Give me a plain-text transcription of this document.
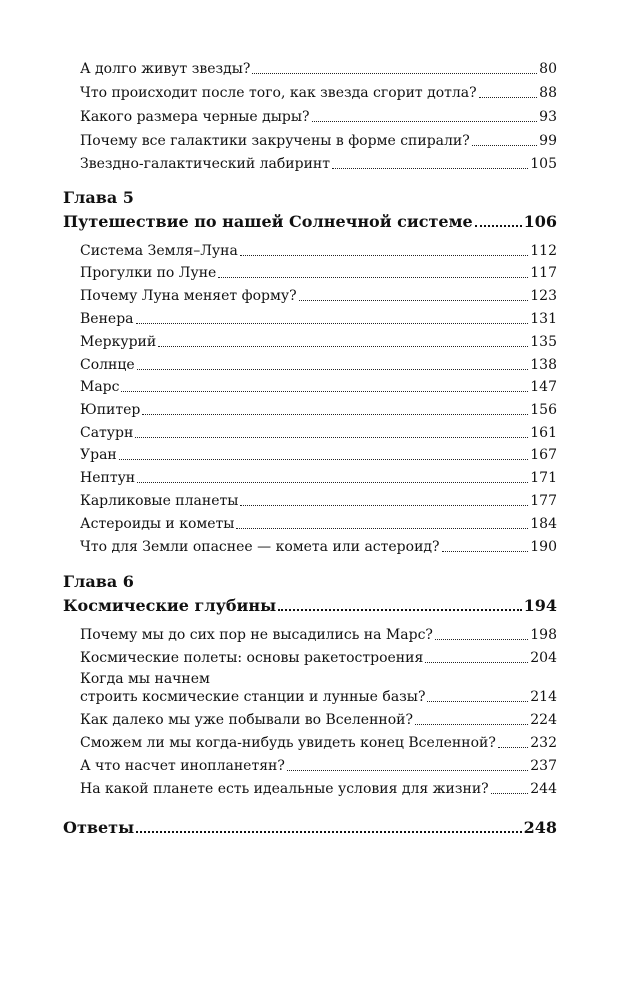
А долго живут звезды?	80
Что происходит после того, как звезда сгорит дотла?	88
Какого размера черные дыры?	93
Почему все галактики закручены в форме спирали?	99
Звездно-галактический лабиринт	105
Глава 5
Путешествие по нашей Солнечной системе	106
Система Земля–Луна	112
Прогулки по Луне	117
Почему Луна меняет форму?	123
Венера	131
Меркурий	135
Солнце	138
Марс	147
Юпитер	156
Сатурн	161
Уран	167
Нептун	171
Карликовые планеты	177
Астероиды и кометы	184
Что для Земли опаснее — комета или астероид?	190
Глава 6
Космические глубины	194
Почему мы до сих пор не высадились на Марс?	198
Космические полеты: основы ракетостроения	204
Когда мы начнем
строить космические станции и лунные базы?	214
Как далеко мы уже побывали во Вселенной?	224
Сможем ли мы когда-нибудь увидеть конец Вселенной? 232
А что насчет инопланетян?	237
На какой планете есть идеальные условия для жизни?	244
Ответы	248
